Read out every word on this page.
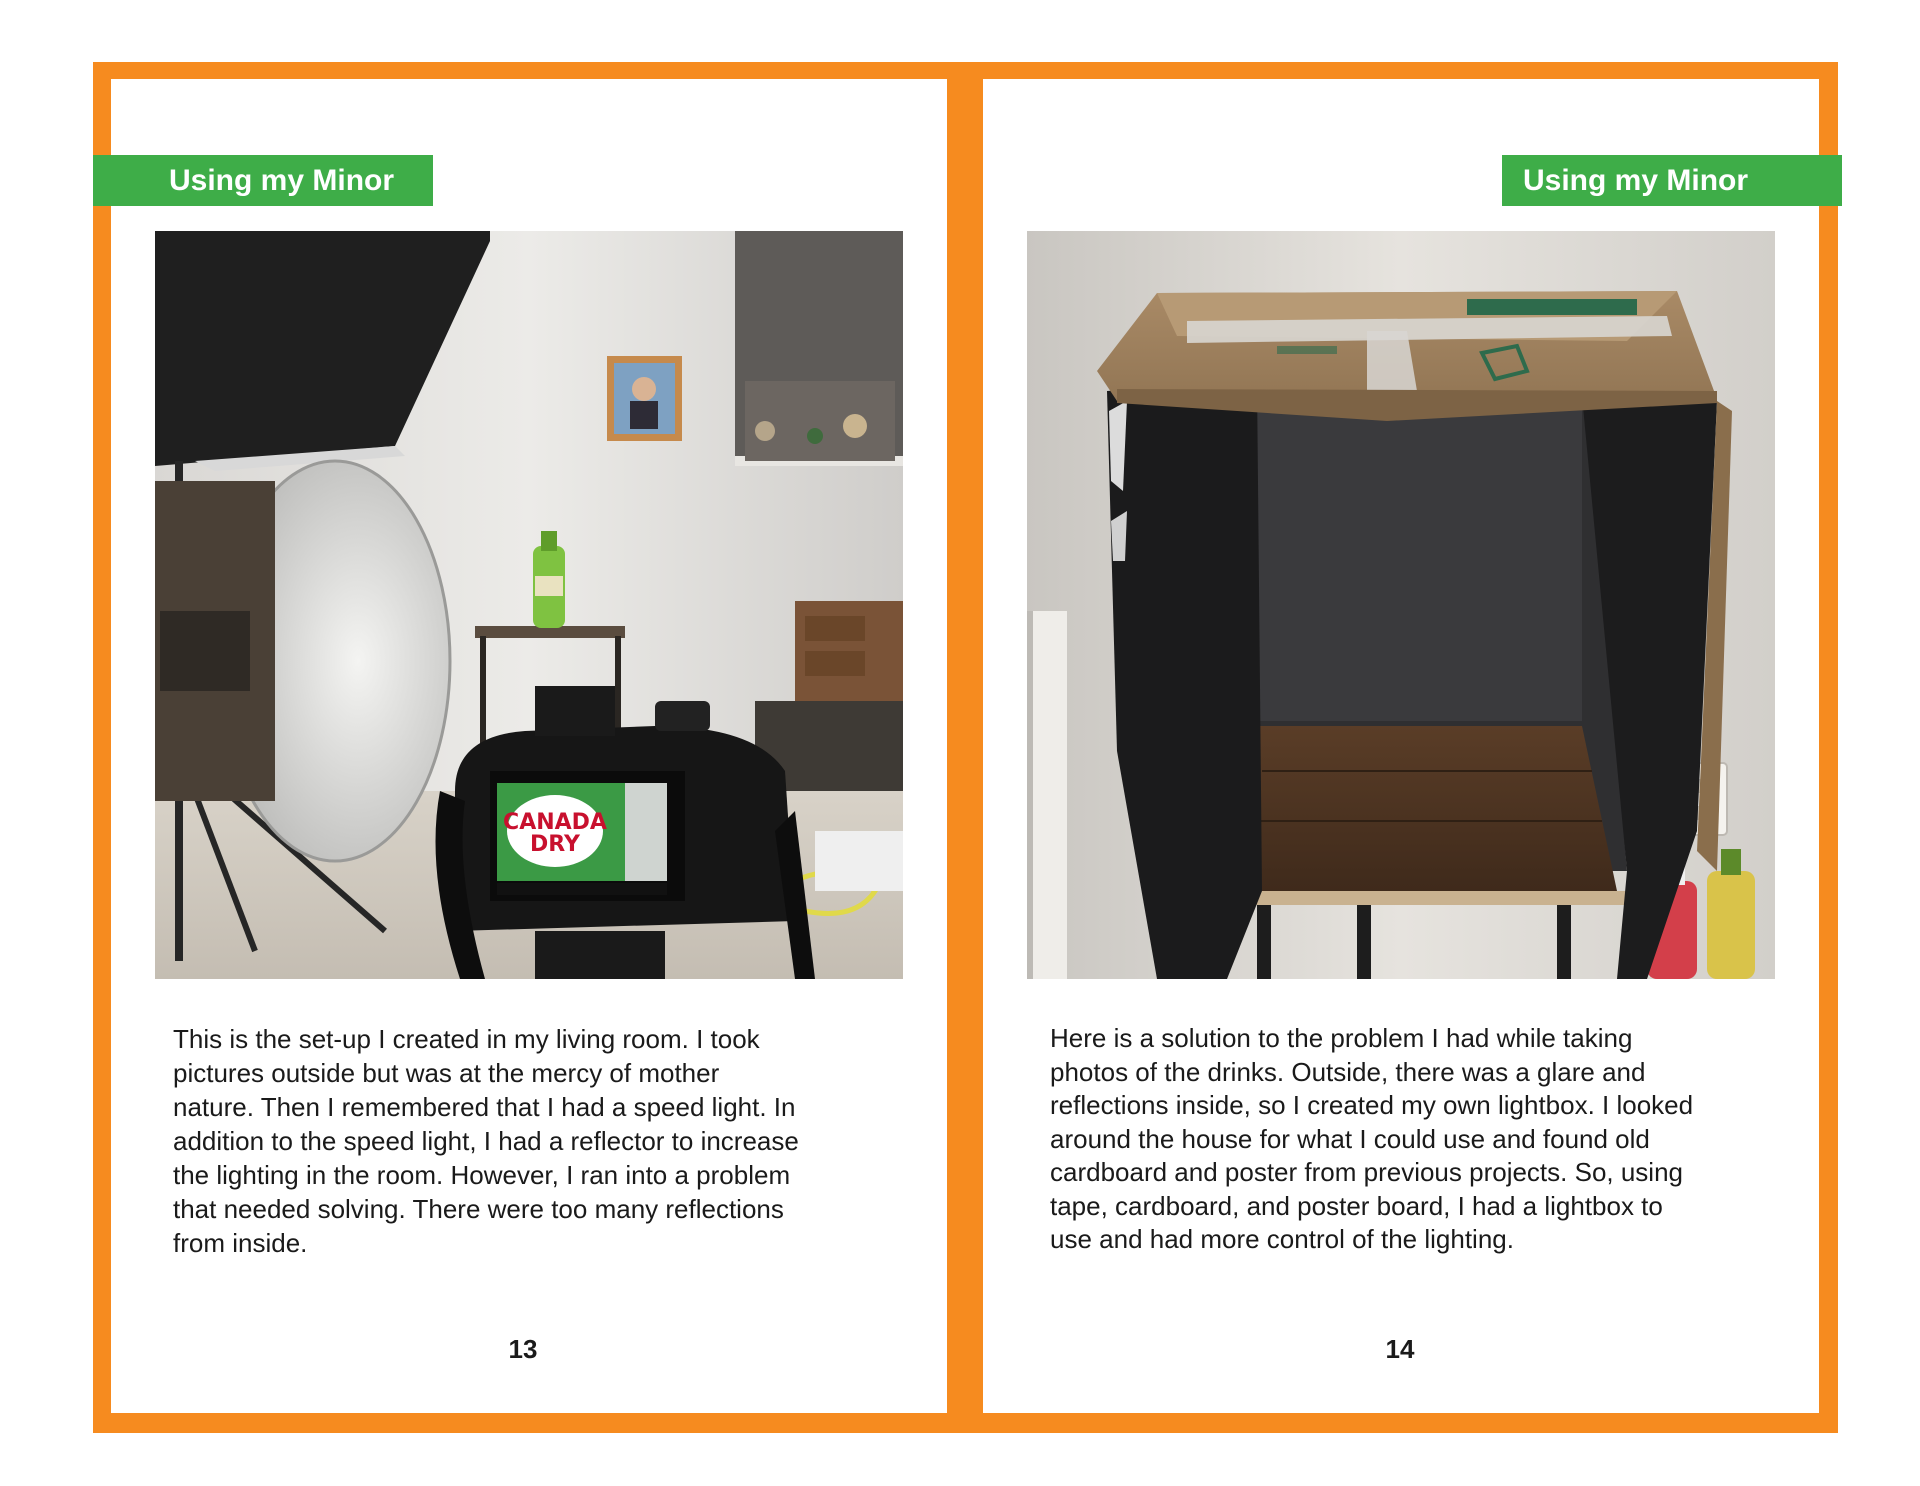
Using my Minor	Using my Minor
CANADA
DRY

This is the set-up I created in my living room. I took
pictures outside but was at the mercy of mother
nature. Then I remembered that I had a speed light. In
addition to the speed light, I had a reflector to increase
the lighting in the room. However, I ran into a problem
that needed solving. There were too many reflections
from inside.

Here is a solution to the problem I had while taking
photos of the drinks. Outside, there was a glare and
reflections inside, so I created my own lightbox. I looked
around the house for what I could use and found old
cardboard and poster from previous projects. So, using
tape, cardboard, and poster board, I had a lightbox to
use and had more control of the lighting.

13	14
